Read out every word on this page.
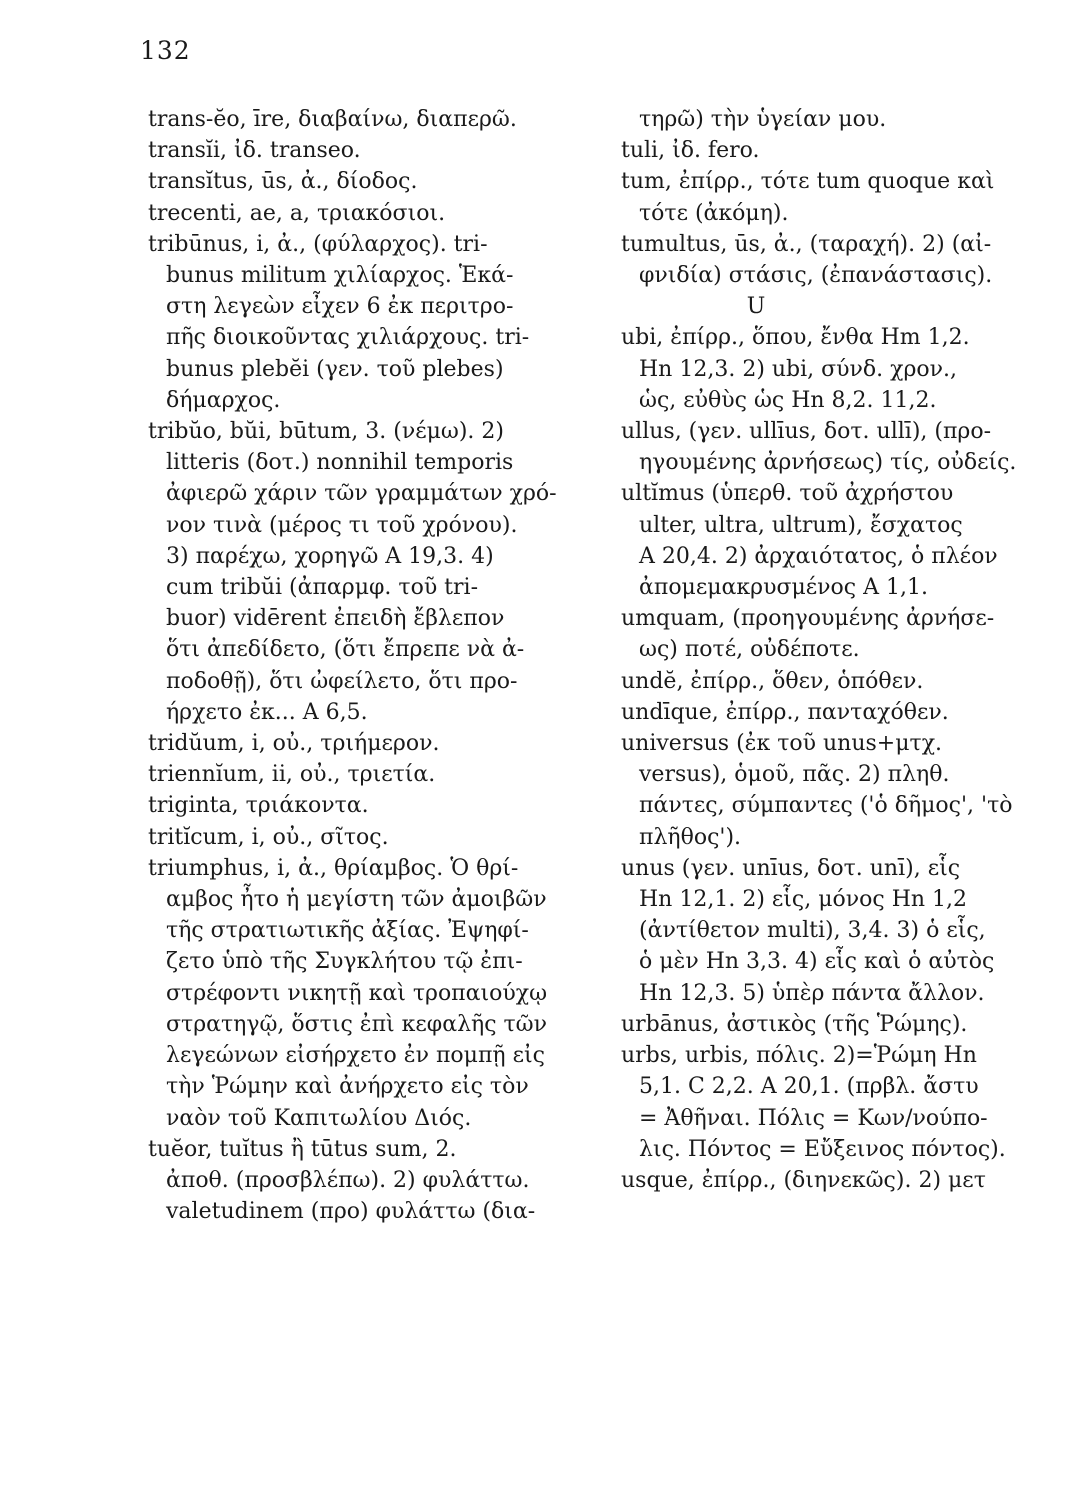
132
trans-ĕo, īre, διαβαίνω, διαπερῶ.
transĭi, ἰδ. transeo.
transĭtus, ūs, ἀ., δίοδος.
trecenti, ae, a, τριακόσιοι.
tribūnus, i, ἀ., (φύλαρχος). tri-
bunus militum χιλίαρχος. Ἑκά-
στη λεγεὼν εἶχεν 6 ἐκ περιτρο-
πῆς διοικοῦντας χιλιάρχους. tri-
bunus plebĕi (γεν. τοῦ plebes)
δήμαρχος.
tribŭo, bŭi, būtum, 3. (νέμω). 2)
litteris (δοτ.) nonnihil temporis
ἀφιερῶ χάριν τῶν γραμμάτων χρό-
νον τινὰ (μέρος τι τοῦ χρόνου).
3) παρέχω, χορηγῶ A 19,3. 4)
cum tribŭi (ἀπαρμφ. τοῦ tri-
buor) vidērent ἐπειδὴ ἔβλεπον
ὅτι ἀπεδίδετο, (ὅτι ἔπρεπε νὰ ἀ-
ποδοθῇ), ὅτι ὠφείλετο, ὅτι προ-
ήρχετο ἐκ... A 6,5.
tridŭum, i, οὐ., τριήμερον.
triennĭum, ii, οὐ., τριετία.
triginta, τριάκοντα.
tritĭcum, i, οὐ., σῖτος.
triumphus, i, ἀ., θρίαμβος. Ὁ θρί-
αμβος ἦτο ἡ μεγίστη τῶν ἀμοιβῶν
τῆς στρατιωτικῆς ἀξίας. Ἐψηφί-
ζετο ὑπὸ τῆς Συγκλήτου τῷ ἐπι-
στρέφοντι νικητῇ καὶ τροπαιούχῳ
στρατηγῷ, ὅστις ἐπὶ κεφαλῆς τῶν
λεγεώνων εἰσήρχετο ἐν πομπῇ εἰς
τὴν Ῥώμην καὶ ἀνήρχετο εἰς τὸν
ναὸν τοῦ Καπιτωλίου Διός.
tuĕor, tuĭtus ἢ tūtus sum, 2.
ἀποθ. (προσβλέπω). 2) φυλάττω.
valetudinem (προ) φυλάττω (δια-
τηρῶ) τὴν ὑγείαν μου.
tuli, ἰδ. fero.
tum, ἐπίρρ., τότε tum quoque καὶ
τότε (ἀκόμη).
tumultus, ūs, ἀ., (ταραχή). 2) (αἰ-
φνιδία) στάσις, (ἐπανάστασις).
U
ubi, ἐπίρρ., ὅπου, ἔνθα Hm 1,2.
Hn 12,3. 2) ubi, σύνδ. χρον.,
ὡς, εὐθὺς ὡς Hn 8,2. 11,2.
ullus, (γεν. ullīus, δοτ. ullī), (προ-
ηγουμένης ἀρνήσεως) τίς, οὐδείς.
ultĭmus (ὑπερθ. τοῦ ἀχρήστου
ulter, ultra, ultrum), ἔσχατος
A 20,4. 2) ἀρχαιότατος, ὁ πλέον
ἀπομεμακρυσμένος A 1,1.
umquam, (προηγουμένης ἀρνήσε-
ως) ποτέ, οὐδέποτε.
undĕ, ἐπίρρ., ὅθεν, ὁπόθεν.
undīque, ἐπίρρ., πανταχόθεν.
universus (ἐκ τοῦ unus+μτχ.
versus), ὁμοῦ, πᾶς. 2) πληθ.
πάντες, σύμπαντες ('ὁ δῆμος', 'τὸ
πλῆθος').
unus (γεν. unīus, δοτ. unī), εἷς
Hn 12,1. 2) εἷς, μόνος Hn 1,2
(ἀντίθετον multi), 3,4. 3) ὁ εἷς,
ὁ μὲν Hn 3,3. 4) εἷς καὶ ὁ αὐτὸς
Hn 12,3. 5) ὑπὲρ πάντα ἄλλον.
urbānus, ἀστικὸς (τῆς Ῥώμης).
urbs, urbis, πόλις. 2)=Ῥώμη Hn
5,1. C 2,2. A 20,1. (πρβλ. ἄστυ
= Ἀθῆναι. Πόλις = Κων/νούπο-
λις. Πόντος = Εὔξεινος πόντος).
usque, ἐπίρρ., (διηνεκῶς). 2) μετ
